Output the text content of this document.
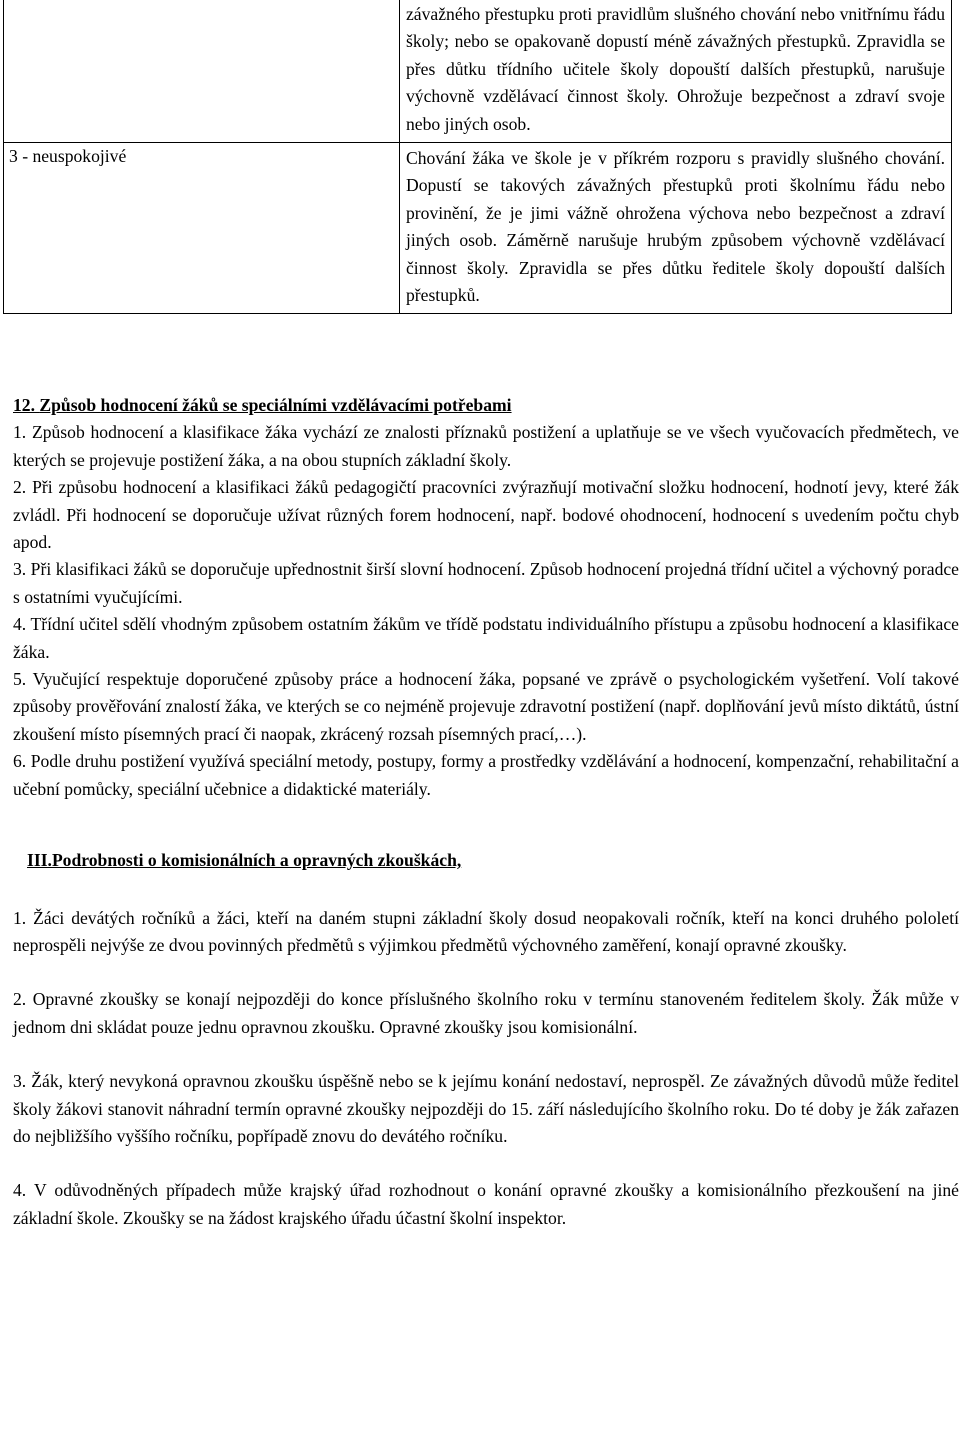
	závažného přestupku proti pravidlům slušného chování nebo vnitřnímu řádu školy; nebo se opakovaně dopustí méně závažných přestupků. Zpravidla se přes důtku třídního učitele školy dopouští dalších přestupků, narušuje výchovně vzdělávací činnost školy. Ohrožuje bezpečnost a zdraví svoje nebo jiných osob.
3 - neuspokojivé	Chování žáka ve škole je v příkrém rozporu s pravidly slušného chování. Dopustí se takových závažných přestupků proti školnímu řádu nebo provinění, že je jimi vážně ohrožena výchova nebo bezpečnost a zdraví jiných osob. Záměrně narušuje hrubým způsobem výchovně vzdělávací činnost školy. Zpravidla se přes důtku ředitele školy dopouští dalších přestupků.

12. Způsob hodnocení žáků se speciálními vzdělávacími potřebami

1. Způsob hodnocení a klasifikace žáka vychází ze znalosti příznaků postižení a uplatňuje se ve všech vyučovacích předmětech, ve kterých se projevuje postižení žáka, a na obou stupních základní školy.

2. Při způsobu hodnocení a klasifikaci žáků pedagogičtí pracovníci zvýrazňují motivační složku hodnocení, hodnotí jevy, které žák zvládl. Při hodnocení se doporučuje užívat různých forem hodnocení, např. bodové ohodnocení, hodnocení s uvedením počtu chyb apod.

3. Při klasifikaci žáků se doporučuje upřednostnit širší slovní hodnocení. Způsob hodnocení projedná třídní učitel a výchovný poradce s ostatními vyučujícími.

4. Třídní učitel sdělí vhodným způsobem ostatním žákům ve třídě podstatu individuálního přístupu a způsobu hodnocení a klasifikace žáka.

5. Vyučující respektuje doporučené způsoby práce a hodnocení žáka, popsané ve zprávě o psychologickém vyšetření. Volí takové způsoby prověřování znalostí žáka, ve kterých se co nejméně projevuje zdravotní postižení (např. doplňování jevů místo diktátů, ústní zkoušení místo písemných prací či naopak, zkrácený rozsah písemných prací,…).

6. Podle druhu postižení využívá speciální metody, postupy, formy a prostředky vzdělávání a hodnocení, kompenzační, rehabilitační a učební pomůcky, speciální učebnice a didaktické materiály.

III.Podrobnosti o komisionálních a opravných zkouškách,

1. Žáci devátých ročníků a žáci, kteří na daném stupni základní školy dosud neopakovali ročník, kteří na konci druhého pololetí neprospěli nejvýše ze dvou povinných předmětů s výjimkou předmětů výchovného zaměření, konají opravné zkoušky.

2. Opravné zkoušky se konají nejpozději do konce příslušného školního roku v termínu stanoveném ředitelem školy. Žák může v jednom dni skládat pouze jednu opravnou zkoušku. Opravné zkoušky jsou komisionální.

3. Žák, který nevykoná opravnou zkoušku úspěšně nebo se k jejímu konání nedostaví, neprospěl. Ze závažných důvodů může ředitel školy žákovi stanovit náhradní termín opravné zkoušky nejpozději do 15. září následujícího školního roku. Do té doby je žák zařazen do nejbližšího vyššího ročníku, popřípadě znovu do devátého ročníku.

4. V odůvodněných případech může krajský úřad rozhodnout o konání opravné zkoušky a komisionálního přezkoušení na jiné základní škole. Zkoušky se na žádost krajského úřadu účastní školní inspektor.
